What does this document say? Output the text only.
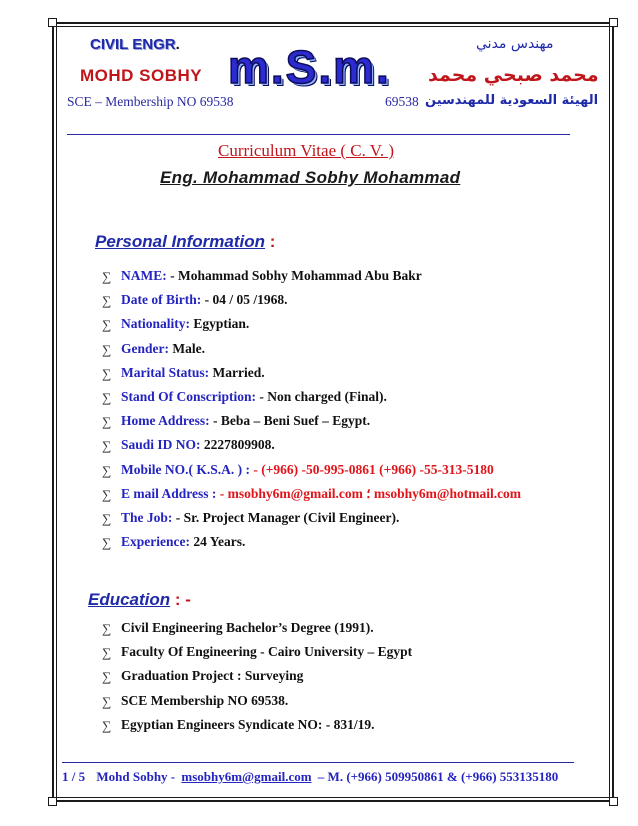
CIVIL ENGR.
MOHD SOBHY
SCE – Membership NO 69538
m.S.m.	مهندس مدني
محمد صبحي محمد
69538 الهيئة السعودية للمهندسين
Curriculum Vitae ( C. V. )
Eng. Mohammad Sobhy Mohammad
Personal Information :
∑ NAME: - Mohammad Sobhy Mohammad Abu Bakr
∑ Date of Birth: - 04 / 05 /1968.
∑ Nationality: Egyptian.
∑ Gender: Male.
∑ Marital Status: Married.
∑ Stand Of Conscription: - Non charged (Final).
∑ Home Address: - Beba – Beni Suef – Egypt.
∑ Saudi ID NO: 2227809908.
∑ Mobile NO.( K.S.A. ) : - (+966) -50-995-0861 (+966) -55-313-5180
∑ E mail Address : - msobhy6m@gmail.com ؛ msobhy6m@hotmail.com
∑ The Job: - Sr. Project Manager (Civil Engineer).
∑ Experience: 24 Years.
Education : -
∑ Civil Engineering Bachelor’s Degree (1991).
∑ Faculty Of Engineering - Cairo University – Egypt
∑ Graduation Project : Surveying
∑ SCE Membership NO 69538.
∑ Egyptian Engineers Syndicate NO: - 831/19.
1 / 5 Mohd Sobhy - msobhy6m@gmail.com – M. (+966) 509950861 & (+966) 553135180
